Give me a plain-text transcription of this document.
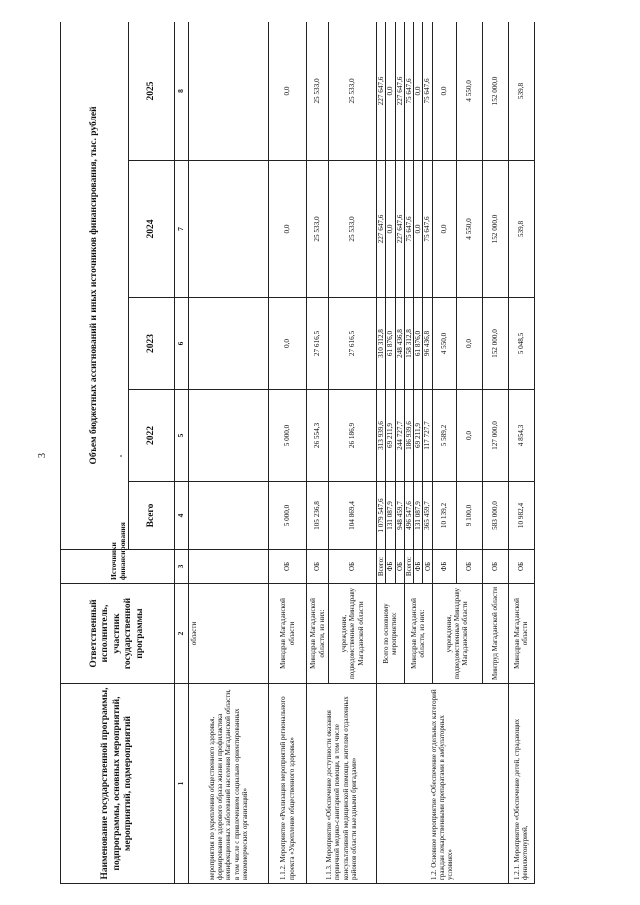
3
Наименование государственной программы, подпрограммы, основных мероприятий, мероприятий, подмероприятий	Ответственный исполнитель, участник государственной программы	Источники финансирования	Объем бюджетных ассигнований и иных источников финансирования, тыс. рублей				
			Всего	2022	2023	2024	2025
1	2	3	4	5	6	7	8
мероприятия по укреплению общественного здоровья, формирование здорового образа жизни и профилактика неинфекционных заболеваний населения Магаданской области, в том числе с привлечением социально ориентированных некоммерческих организаций»	области						
1.1.2. Мероприятие «Реализация мероприятий регионального проекта «Укрепление общественного здоровья»	Минздрав Магаданской области	ОБ	5 000,0	5 000,0	0,0	0,0	0,0
1.1.3. Мероприятие «Обеспечение доступности оказания первичной медико-санитарной помощи, в том числе консультативной медицинской помощи, жителям отдаленных районов области выездными бригадами»	Минздрав Магаданской области, из них:	ОБ	105 236,8	26 554,3	27 616,5	25 533,0	25 533,0
	учреждения, подведомственные Минздраву Магаданской области	ОБ	104 869,4	26 186,9	27 616,5	25 533,0	25 533,0
1.2. Основное мероприятие «Обеспечение отдельных категорий граждан лекарственными препаратами в амбулаторных условиях»	Всего по основному мероприятию:	Всего:	1 079 547,6	313 939,6	310 312,8	227 647,6	227 647,6
		ФБ	131 087,9	69 211,9	61 876,0	0,0	0,0
		ОБ	948 459,7	244 727,7	248 436,8	227 647,6	227 647,6
	Минздрав Магаданской области, из них:	Всего:	496 547,6	186 939,6	158 312,8	75 647,6	75 647,6
		ФБ	131 087,9	69 211,9	61 876,0	0,0	0,0
		ОБ	365 459,7	117 727,7	96 436,8	75 647,6	75 647,6
	учреждения, подведомственные Минздраву Магаданской области	ФБ	10 139,2	5 589,2	4 550,0	0,0	0,0
		ОБ	9 100,0	0,0	0,0	4 550,0	4 550,0
	Минтруд Магаданской области	ОБ	583 000,0	127 000,0	152 000,0	152 000,0	152 000,0
1.2.1. Мероприятие «Обеспечение детей, страдающих фенилкетонурией,	Минздрав Магаданской области	ОБ	10 982,4	4 854,3	5 048,5	539,8	539,8
